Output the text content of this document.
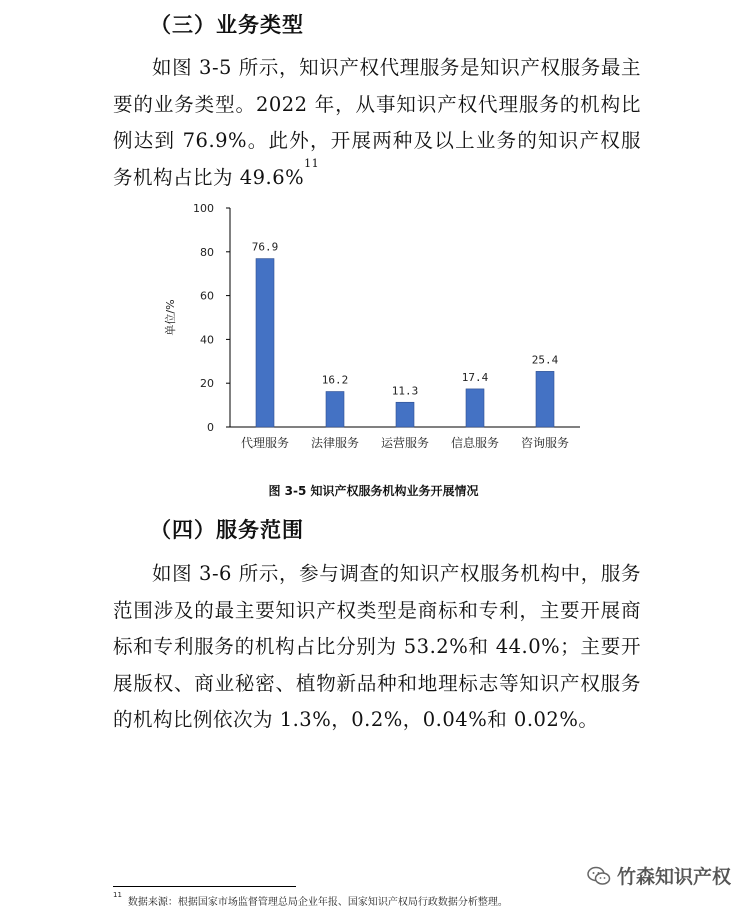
（三）业务类型

如图 3-5 所示，知识产权代理服务是知识产权服务最主要的业务类型。2022 年，从事知识产权代理服务的机构比例达到 76.9%。此外，开展两种及以上业务的知识产权服务机构占比为 49.6%$^{11}$

0
20
40
60
80
100
单位/%
76.9
代理服务
16.2
法律服务
11.3
运营服务
17.4
信息服务
25.4
咨询服务
图 3-5 知识产权服务机构业务开展情况
（四）服务范围

如图 3-6 所示，参与调查的知识产权服务机构中，服务范围涉及的最主要知识产权类型是商标和专利，主要开展商标和专利服务的机构占比分别为 53.2%和 44.0%；主要开展版权、商业秘密、植物新品种和地理标志等知识产权服务的机构比例依次为 1.3%，0.2%，0.04%和 0.02%。

竹森知识产权
$^{11}$数据来源：根据国家市场监督管理总局企业年报、国家知识产权局行政数据分析整理。
